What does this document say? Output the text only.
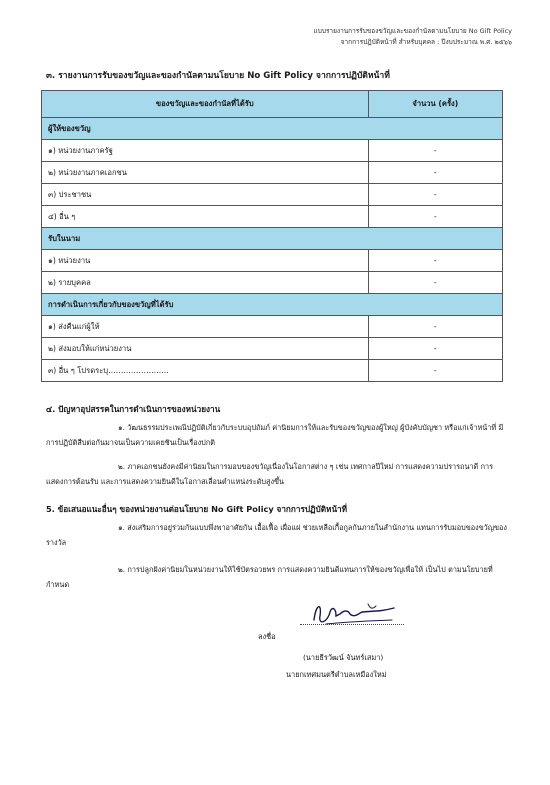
แบบรายงานการรับของขวัญและของกำนัลตามนโยบาย No Gift Policy
จากการปฏิบัติหน้าที่ สำหรับบุคคล : ปีงบประมาณ พ.ศ. ๒๕๖๖
๓. รายงานการรับของขวัญและของกำนัลตามนโยบาย No Gift Policy จากการปฏิบัติหน้าที่
ของขวัญและของกำนัลที่ได้รับ	จำนวน (ครั้ง)
ผู้ให้ของขวัญ	
๑) หน่วยงานภาครัฐ	-
๒) หน่วยงานภาคเอกชน	-
๓) ประชาชน	-
๔) อื่น ๆ	-
รับในนาม	
๑) หน่วยงาน	-
๒) รายบุคคล	-
การดำเนินการเกี่ยวกับของขวัญที่ได้รับ	
๑) ส่งคืนแก่ผู้ให้	-
๒) ส่งมอบให้แก่หน่วยงาน	-
๓) อื่น ๆ โปรดระบุ……………………	-
๔. ปัญหาอุปสรรคในการดำเนินการของหน่วยงาน
๑. วัฒนธรรมประเพณีปฏิบัติเกี่ยวกับระบบอุปถัมภ์ ค่านิยมการให้และรับของขวัญของผู้ใหญ่ ผู้บังคับบัญชา หรือแก่เจ้าหน้าที่ มีการปฏิบัติสืบต่อกันมาจนเป็นความเคยชินเป็นเรื่องปกติ
๒. ภาคเอกชนยังคงมีค่านิยมในการมอบของขวัญเนื่องในโอกาสต่าง ๆ เช่น เทศกาลปีใหม่ การแสดงความปรารถนาดี การแสดงการต้อนรับ และการแสดงความยินดีในโอกาสเลื่อนตำแหน่งระดับสูงขึ้น
5. ข้อเสนอแนะอื่นๆ ของหน่วยงานต่อนโยบาย No Gift Policy จากการปฏิบัติหน้าที่
๑. ส่งเสริมการอยู่ร่วมกันแบบพึ่งพาอาศัยกัน เอื้อเฟื้อ เผื่อแผ่ ช่วยเหลือเกื้อกูลกันภายในสำนักงาน แทนการรับมอบของขวัญของรางวัล
๒. การปลูกฝังค่านิยมในหน่วยงานให้ใช้บัตรอวยพร การแสดงความยินดีแทนการให้ของขวัญเพื่อให้ เป็นไป ตามนโยบายที่กำหนด
ลงชื่อ
(นายธีรวัฒน์ จันทร์เสมา)
นายกเทศมนตรีตำบลเหมืองใหม่
